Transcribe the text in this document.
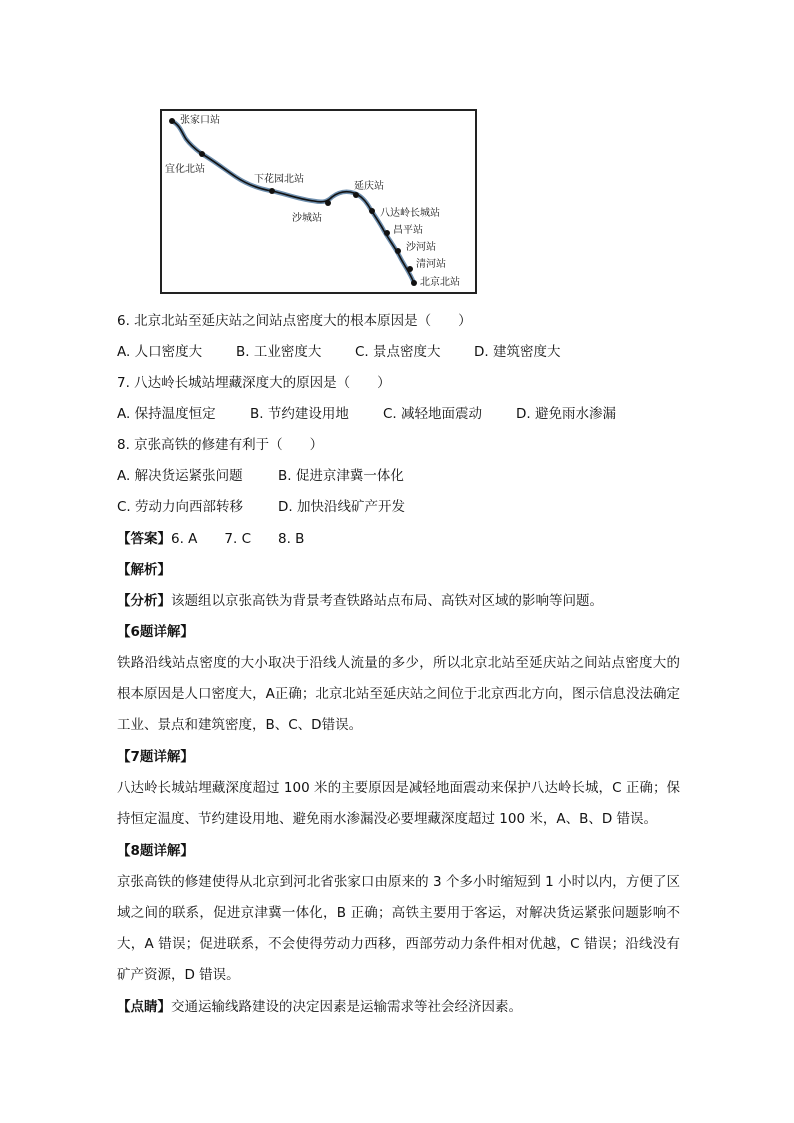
张家口站
宜化北站
下花园北站
沙城站
延庆站
八达岭长城站
昌平站
沙河站
清河站
北京北站
6. 北京北站至延庆站之间站点密度大的根本原因是（　　）
A. 人口密度大	B. 工业密度大 C. 景点密度大 D. 建筑密度大
7. 八达岭长城站埋藏深度大的原因是（　　）
A. 保持温度恒定	B. 节约建设用地	C. 减轻地面震动	D. 避免雨水渗漏
8. 京张高铁的修建有利于（　　）
A. 解决货运紧张问题	B. 促进京津冀一体化
C. 劳动力向西部转移	D. 加快沿线矿产开发
【答案】6. A　　7. C　　8. B
【解析】
【分析】该题组以京张高铁为背景考查铁路站点布局、高铁对区域的影响等问题。
【6题详解】
铁路沿线站点密度的大小取决于沿线人流量的多少，所以北京北站至延庆站之间站点密度大的根本原因是人口密度大，A正确；北京北站至延庆站之间位于北京西北方向，图示信息没法确定工业、景点和建筑密度，B、C、D错误。
【7题详解】
八达岭长城站埋藏深度超过 100 米的主要原因是减轻地面震动来保护八达岭长城，C 正确；保持恒定温度、节约建设用地、避免雨水渗漏没必要埋藏深度超过 100 米，A、B、D 错误。
【8题详解】
京张高铁的修建使得从北京到河北省张家口由原来的 3 个多小时缩短到 1 小时以内，方便了区域之间的联系，促进京津冀一体化，B 正确；高铁主要用于客运，对解决货运紧张问题影响不大，A 错误；促进联系，不会使得劳动力西移，西部劳动力条件相对优越，C 错误；沿线没有矿产资源，D 错误。
【点睛】交通运输线路建设的决定因素是运输需求等社会经济因素。
